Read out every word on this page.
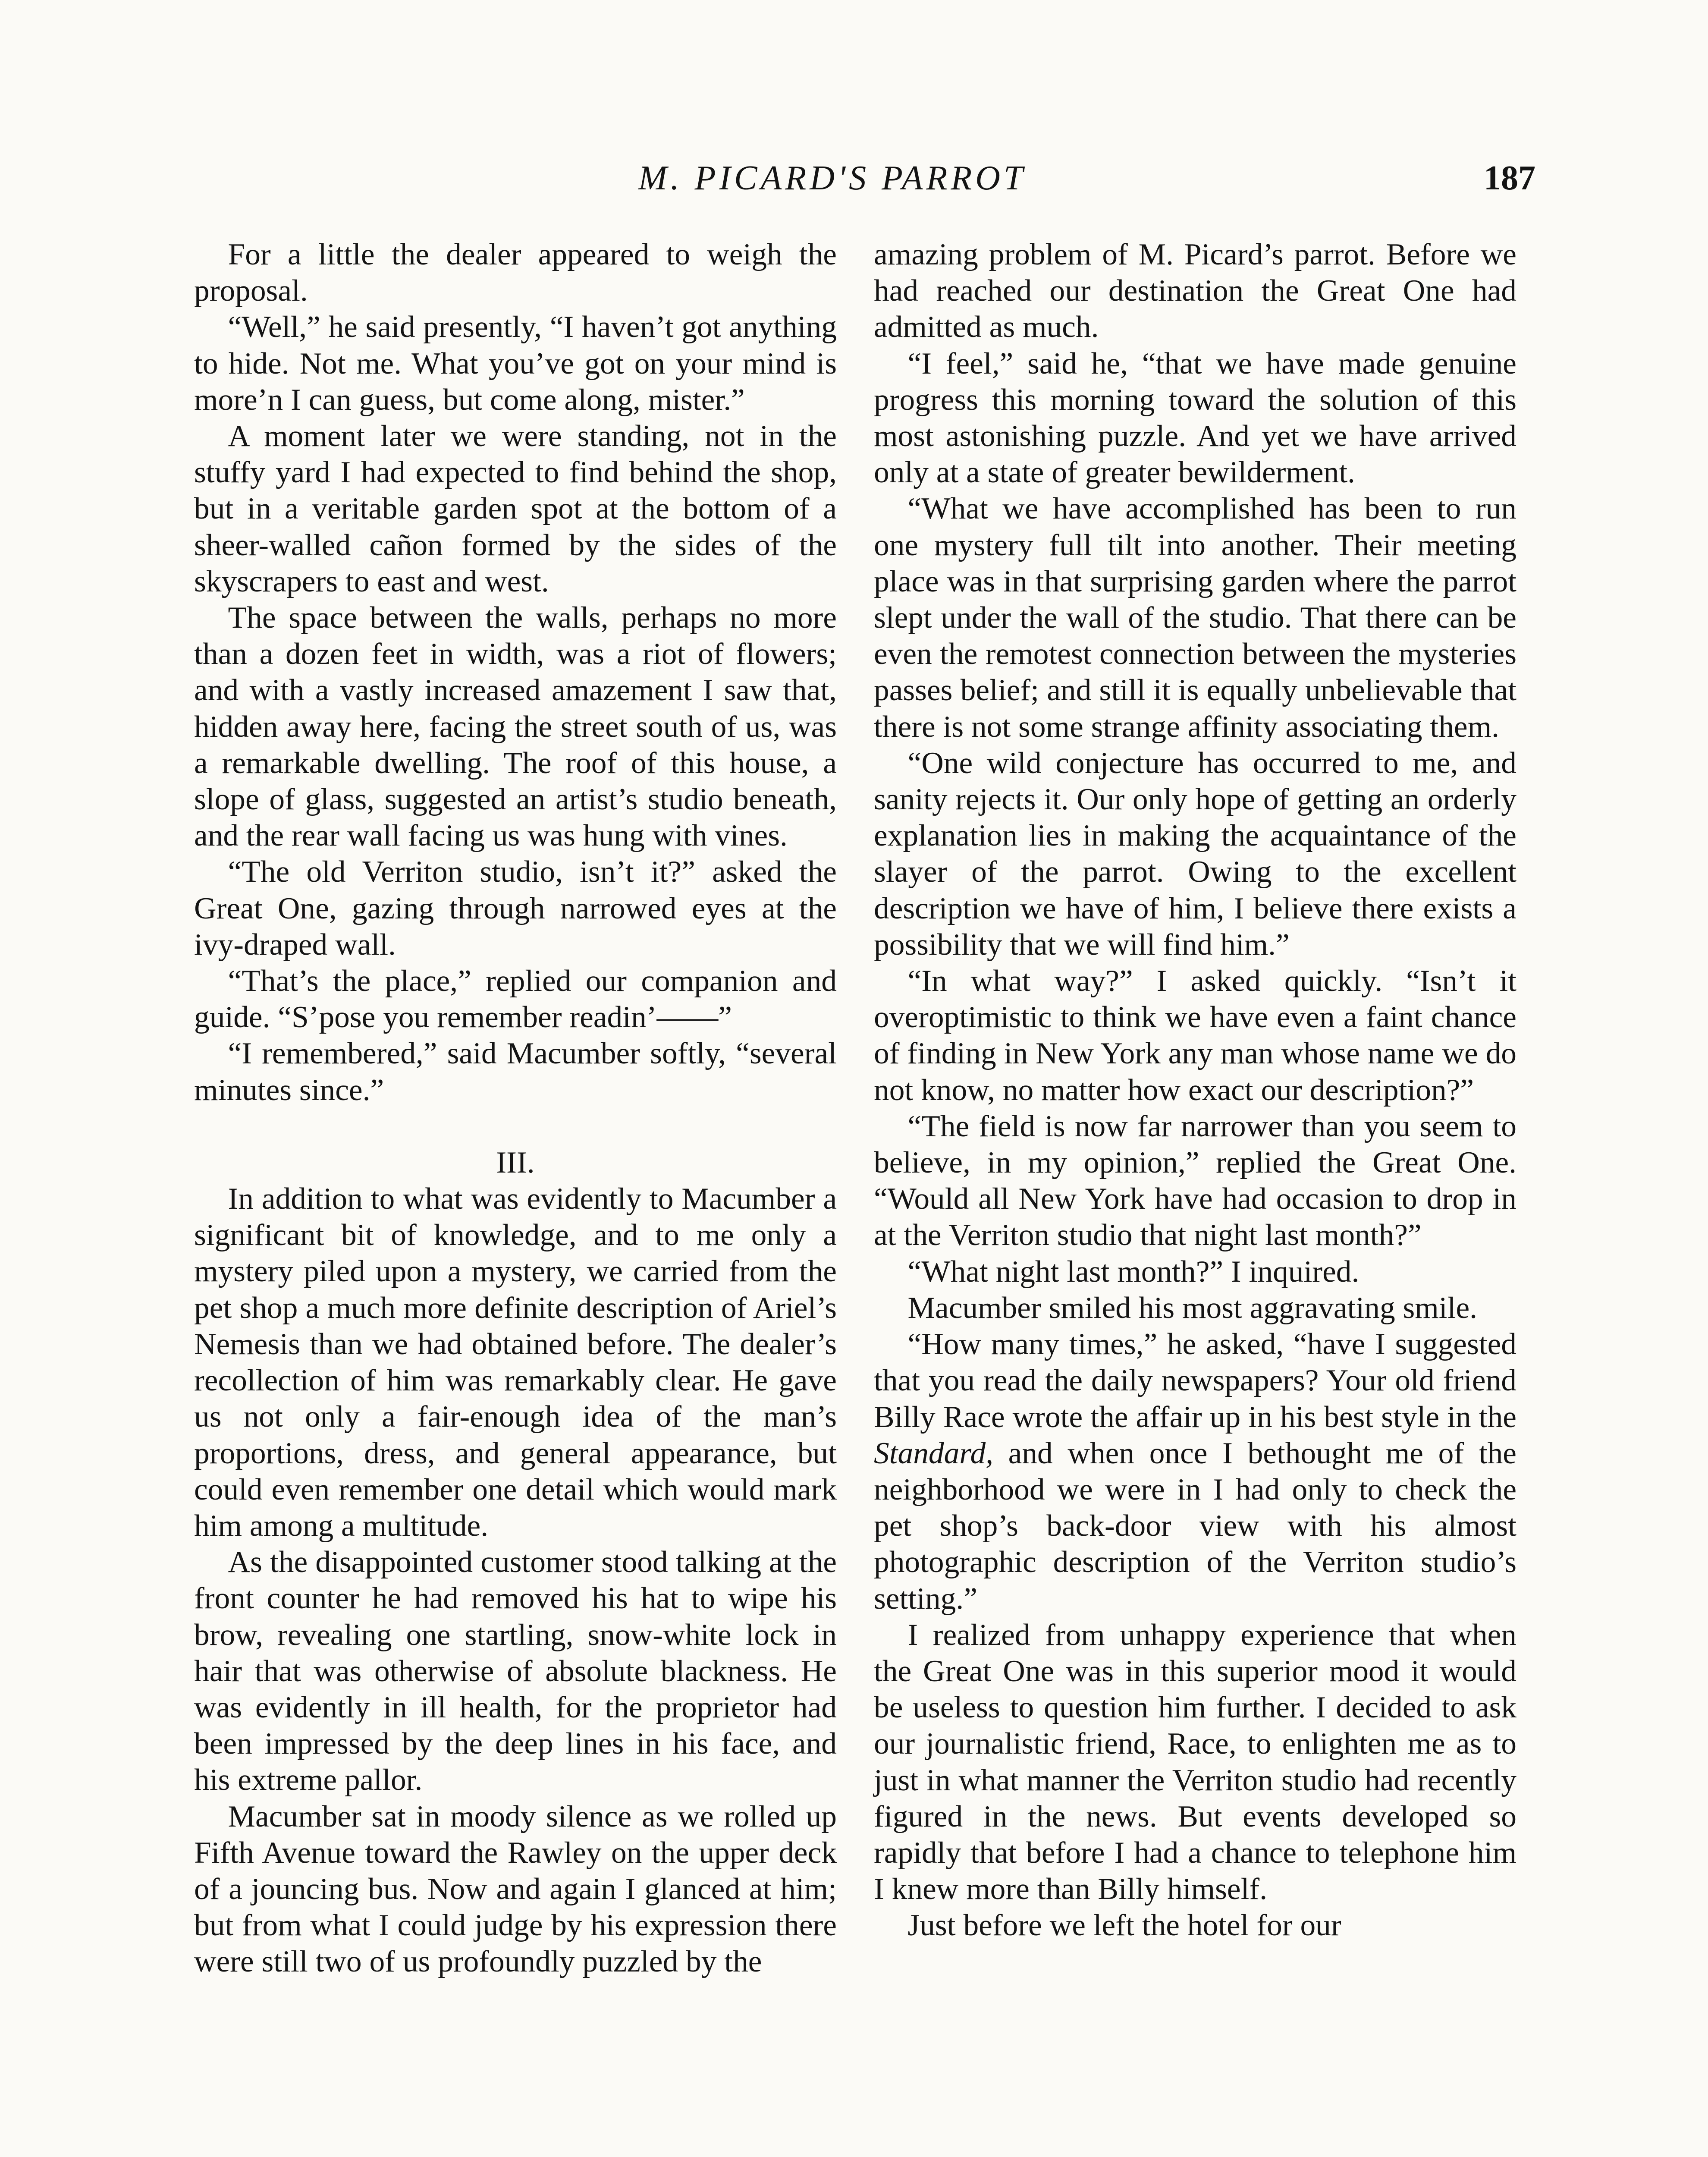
M. PICARD'S PARROT	187

For a little the dealer appeared to weigh the proposal.

“Well,” he said presently, “I haven’t got anything to hide. Not me. What you’ve got on your mind is more’n I can guess, but come along, mister.”

A moment later we were standing, not in the stuffy yard I had expected to find behind the shop, but in a veritable garden spot at the bottom of a sheer-walled cañon formed by the sides of the skyscrapers to east and west.

The space between the walls, perhaps no more than a dozen feet in width, was a riot of flowers; and with a vastly increased amazement I saw that, hidden away here, facing the street south of us, was a remarkable dwelling. The roof of this house, a slope of glass, suggested an artist’s studio beneath, and the rear wall facing us was hung with vines.

“The old Verriton studio, isn’t it?” asked the Great One, gazing through narrowed eyes at the ivy-draped wall.

“That’s the place,” replied our companion and guide. “S’pose you remember readin’——”

“I remembered,” said Macumber softly, “several minutes since.”

III.

In addition to what was evidently to Macumber a significant bit of knowledge, and to me only a mystery piled upon a mystery, we carried from the pet shop a much more definite description of Ariel’s Nemesis than we had obtained before. The dealer’s recollection of him was remarkably clear. He gave us not only a fair-enough idea of the man’s proportions, dress, and general appearance, but could even remember one detail which would mark him among a multitude.

As the disappointed customer stood talking at the front counter he had removed his hat to wipe his brow, revealing one startling, snow-white lock in hair that was otherwise of absolute blackness. He was evidently in ill health, for the proprietor had been impressed by the deep lines in his face, and his extreme pallor.

Macumber sat in moody silence as we rolled up Fifth Avenue toward the Rawley on the upper deck of a jouncing bus. Now and again I glanced at him; but from what I could judge by his expression there were still two of us profoundly puzzled by the

amazing problem of M. Picard’s parrot. Before we had reached our destination the Great One had admitted as much.

“I feel,” said he, “that we have made genuine progress this morning toward the solution of this most astonishing puzzle. And yet we have arrived only at a state of greater bewilderment.

“What we have accomplished has been to run one mystery full tilt into another. Their meeting place was in that surprising garden where the parrot slept under the wall of the studio. That there can be even the remotest connection between the mysteries passes belief; and still it is equally unbelievable that there is not some strange affinity associating them.

“One wild conjecture has occurred to me, and sanity rejects it. Our only hope of getting an orderly explanation lies in making the acquaintance of the slayer of the parrot. Owing to the excellent description we have of him, I believe there exists a possibility that we will find him.”

“In what way?” I asked quickly. “Isn’t it overoptimistic to think we have even a faint chance of finding in New York any man whose name we do not know, no matter how exact our description?”

“The field is now far narrower than you seem to believe, in my opinion,” replied the Great One. “Would all New York have had occasion to drop in at the Verriton studio that night last month?”

“What night last month?” I inquired.

Macumber smiled his most aggravating smile.

“How many times,” he asked, “have I suggested that you read the daily newspapers? Your old friend Billy Race wrote the affair up in his best style in the Standard, and when once I bethought me of the neighborhood we were in I had only to check the pet shop’s back-door view with his almost photographic description of the Verriton studio’s setting.”

I realized from unhappy experience that when the Great One was in this superior mood it would be useless to question him further. I decided to ask our journalistic friend, Race, to enlighten me as to just in what manner the Verriton studio had recently figured in the news. But events developed so rapidly that before I had a chance to telephone him I knew more than Billy himself.

Just before we left the hotel for our
